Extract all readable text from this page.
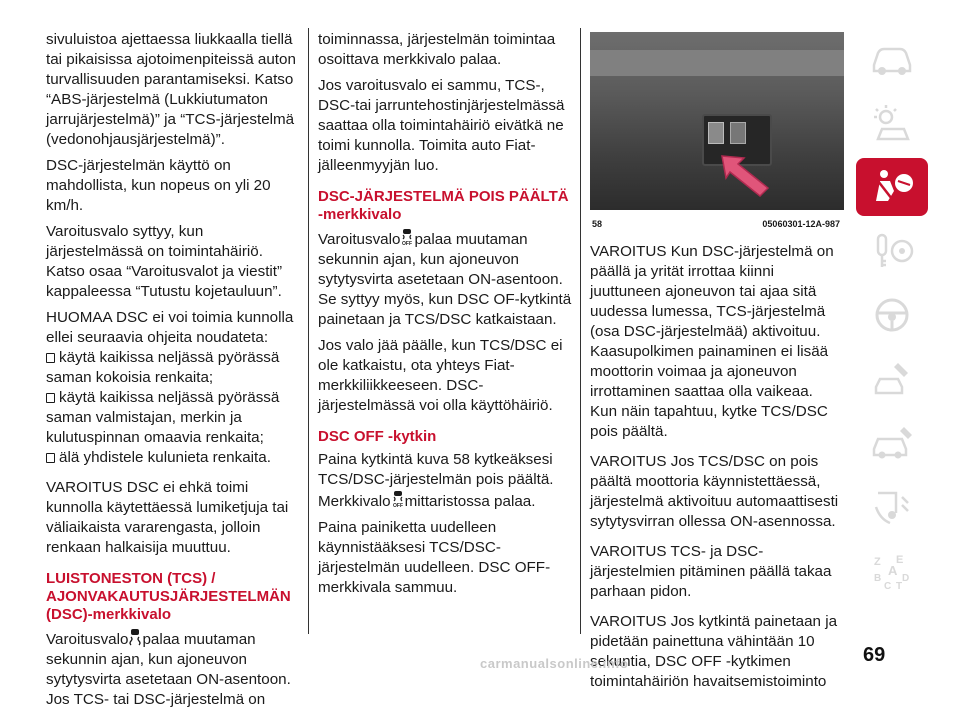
sivuluistoa ajettaessa liukkaalla tiellä tai pikaisissa ajotoimenpiteissä auton turvallisuuden parantamiseksi. Katso “ABS-järjestelmä (Lukkiutumaton jarrujärjestelmä)” ja “TCS-järjestelmä (vedonohjausjärjestelmä)”.

DSC-järjestelmän käyttö on mahdollista, kun nopeus on yli 20 km/h.

Varoitusvalo syttyy, kun järjestelmässä on toimintahäiriö. Katso osaa “Varoitusvalot ja viestit” kappaleessa “Tutustu kojetauluun”.

HUOMAA DSC ei voi toimia kunnolla ellei seuraavia ohjeita noudateta:
käytä kaikissa neljässä pyörässä saman kokoisia renkaita;
käytä kaikissa neljässä pyörässä saman valmistajan, merkin ja kulutuspinnan omaavia renkaita;
älä yhdistele kulunieta renkaita.

VAROITUS DSC ei ehkä toimi kunnolla käytettäessä lumiketjuja tai väliaikaista vararengasta, jolloin renkaan halkaisija muuttuu.

LUISTONESTON (TCS) / AJONVAKAUTUSJÄRJESTELMÄN (DSC)-merkkivalo

Varoitusvalo palaa muutaman sekunnin ajan, kun ajoneuvon sytytysvirta asetetaan ON-asentoon. Jos TCS- tai DSC-järjestelmä on

toiminnassa, järjestelmän toimintaa osoittava merkkivalo palaa.

Jos varoitusvalo ei sammu, TCS-, DSC-tai jarruntehostinjärjestelmässä saattaa olla toimintahäiriö eivätkä ne toimi kunnolla. Toimita auto Fiat-jälleenmyyjän luo.

DSC-JÄRJESTELMÄ POIS PÄÄLTÄ -merkkivalo

Varoitusvalo OFF palaa muutaman sekunnin ajan, kun ajoneuvon sytytysvirta asetetaan ON-asentoon. Se syttyy myös, kun DSC OF-kytkintä painetaan ja TCS/DSC katkaistaan.

Jos valo jää päälle, kun TCS/DSC ei ole katkaistu, ota yhteys Fiat-merkkiliikkeeseen. DSC-järjestelmässä voi olla käyttöhäiriö.

DSC OFF -kytkin

Paina kytkintä kuva 58 kytkeäksesi TCS/DSC-järjestelmän pois päältä. Merkkivalo OFF mittaristossa palaa.

Paina painiketta uudelleen käynnistääksesi TCS/DSC-järjestelmän uudelleen. DSC OFF-merkkivala sammuu.

58	05060301-12A-987

VAROITUS Kun DSC-järjestelmä on päällä ja yrität irrottaa kiinni juuttuneen ajoneuvon tai ajaa sitä uudessa lumessa, TCS-järjestelmä (osa DSC-järjestelmää) aktivoituu. Kaasupolkimen painaminen ei lisää moottorin voimaa ja ajoneuvon irrottaminen saattaa olla vaikeaa. Kun näin tapahtuu, kytke TCS/DSC pois päältä.

VAROITUS Jos TCS/DSC on pois päältä moottoria käynnistettäessä, järjestelmä aktivoituu automaattisesti sytytysvirran ollessa ON-asennossa.

VAROITUS TCS- ja DSC- järjestelmien pitäminen päällä takaa parhaan pidon.

VAROITUS Jos kytkintä painetaan ja pidetään painettuna vähintään 10 sekuntia, DSC OFF -kytkimen toimintahäiriön havaitsemistoiminto

Z E
B
A
D
C T
69
carmanualsonline.info
